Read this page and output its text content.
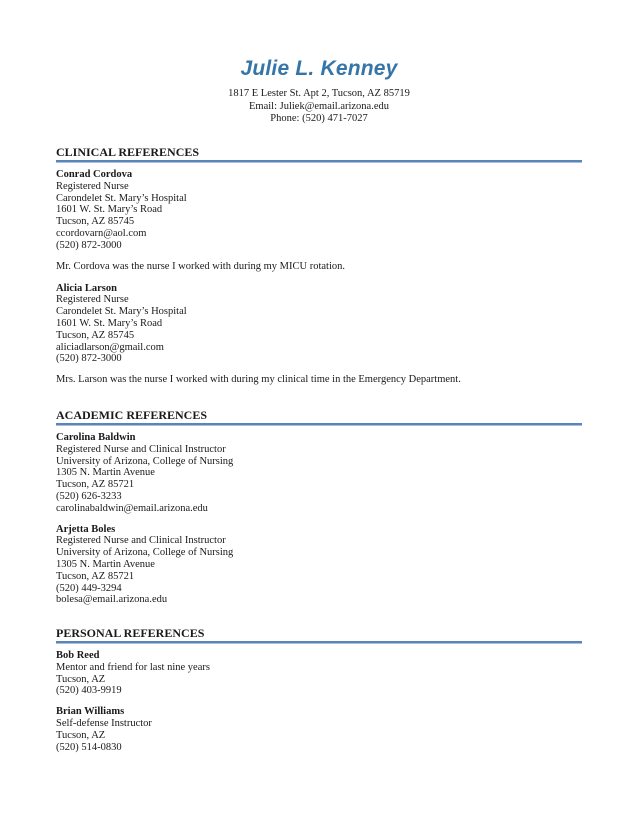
Julie L. Kenney
1817 E Lester St. Apt 2, Tucson, AZ 85719
Email: Juliek@email.arizona.edu
Phone: (520) 471-7027
CLINICAL REFERENCES
Conrad Cordova
Registered Nurse
Carondelet St. Mary’s Hospital
1601 W. St. Mary’s Road
Tucson, AZ 85745
ccordovarn@aol.com
(520) 872-3000
Mr. Cordova was the nurse I worked with during my MICU rotation.
Alicia Larson
Registered Nurse
Carondelet St. Mary’s Hospital
1601 W. St. Mary’s Road
Tucson, AZ 85745
aliciadlarson@gmail.com
(520) 872-3000
Mrs. Larson was the nurse I worked with during my clinical time in the Emergency Department.
ACADEMIC REFERENCES
Carolina Baldwin
Registered Nurse and Clinical Instructor
University of Arizona, College of Nursing
1305 N. Martin Avenue
Tucson, AZ 85721
(520) 626-3233
carolinabaldwin@email.arizona.edu
Arjetta Boles
Registered Nurse and Clinical Instructor
University of Arizona, College of Nursing
1305 N. Martin Avenue
Tucson, AZ 85721
(520) 449-3294
bolesa@email.arizona.edu
PERSONAL REFERENCES
Bob Reed
Mentor and friend for last nine years
Tucson, AZ
(520) 403-9919
Brian Williams
Self-defense Instructor
Tucson, AZ
(520) 514-0830
